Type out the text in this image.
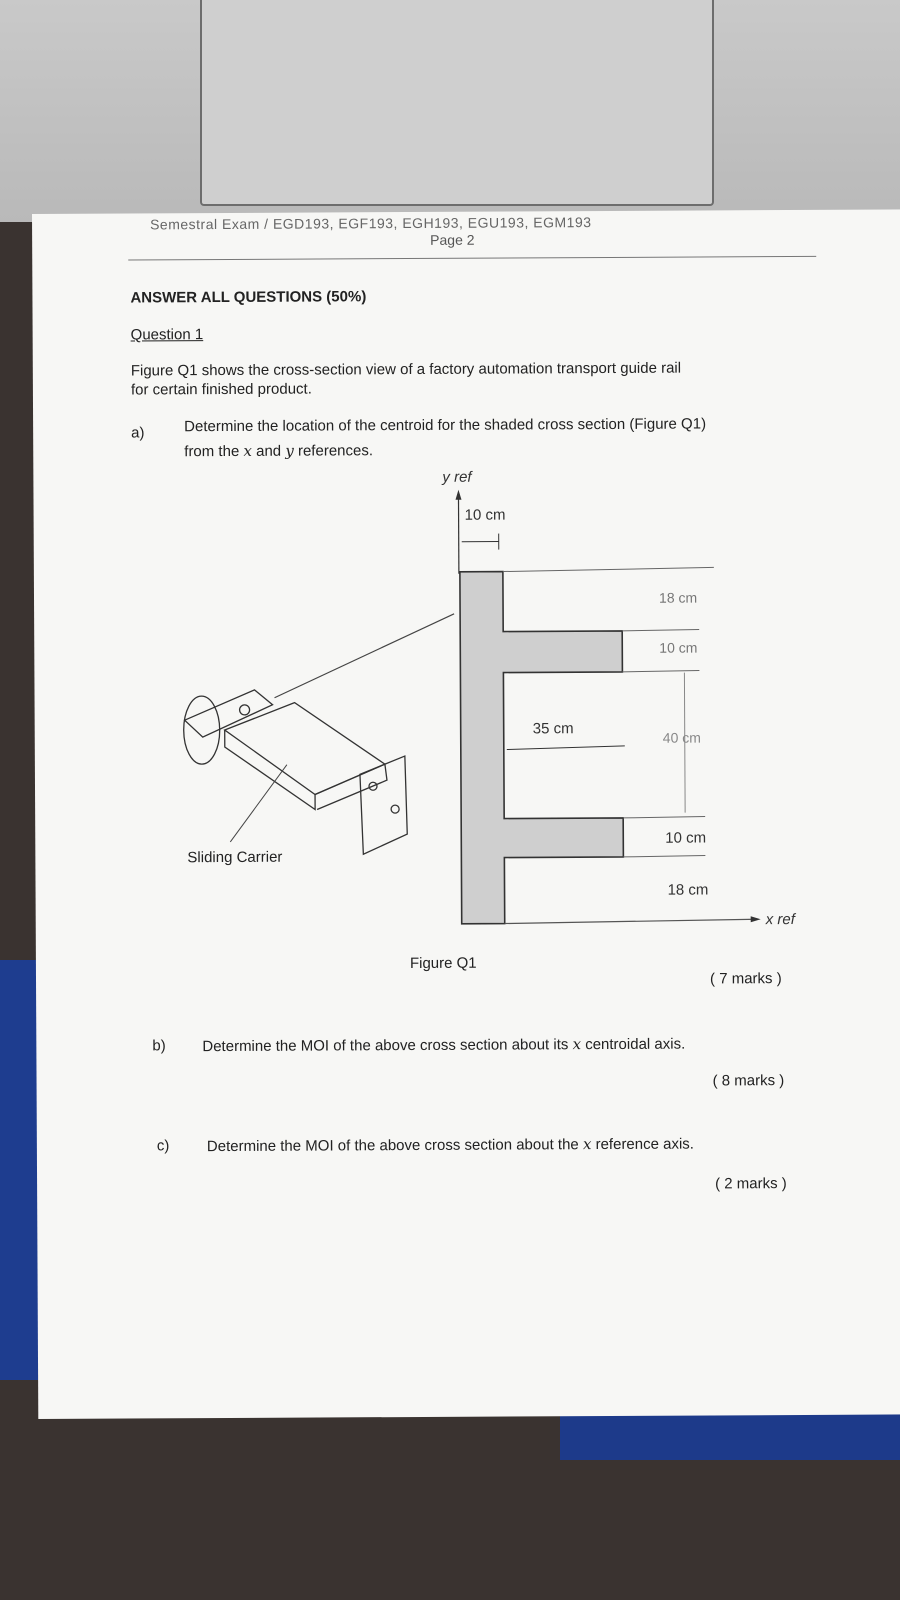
Semestral Exam / EGD193, EGF193, EGH193, EGU193, EGM193
Page 2
ANSWER ALL QUESTIONS (50%)
Question 1
Figure Q1 shows the cross-section view of a factory automation transport guide rail
for certain finished product.
a)	Determine the location of the centroid for the shaded cross section (Figure Q1)
from the x and y references.
y ref
10 cm
x ref
18 cm
10 cm
40 cm
10 cm
18 cm
35 cm
Sliding Carrier
Figure Q1
( 7 marks )
b) Determine the MOI of the above cross section about its x centroidal axis.
( 8 marks )
c) Determine the MOI of the above cross section about the x reference axis.
( 2 marks )
